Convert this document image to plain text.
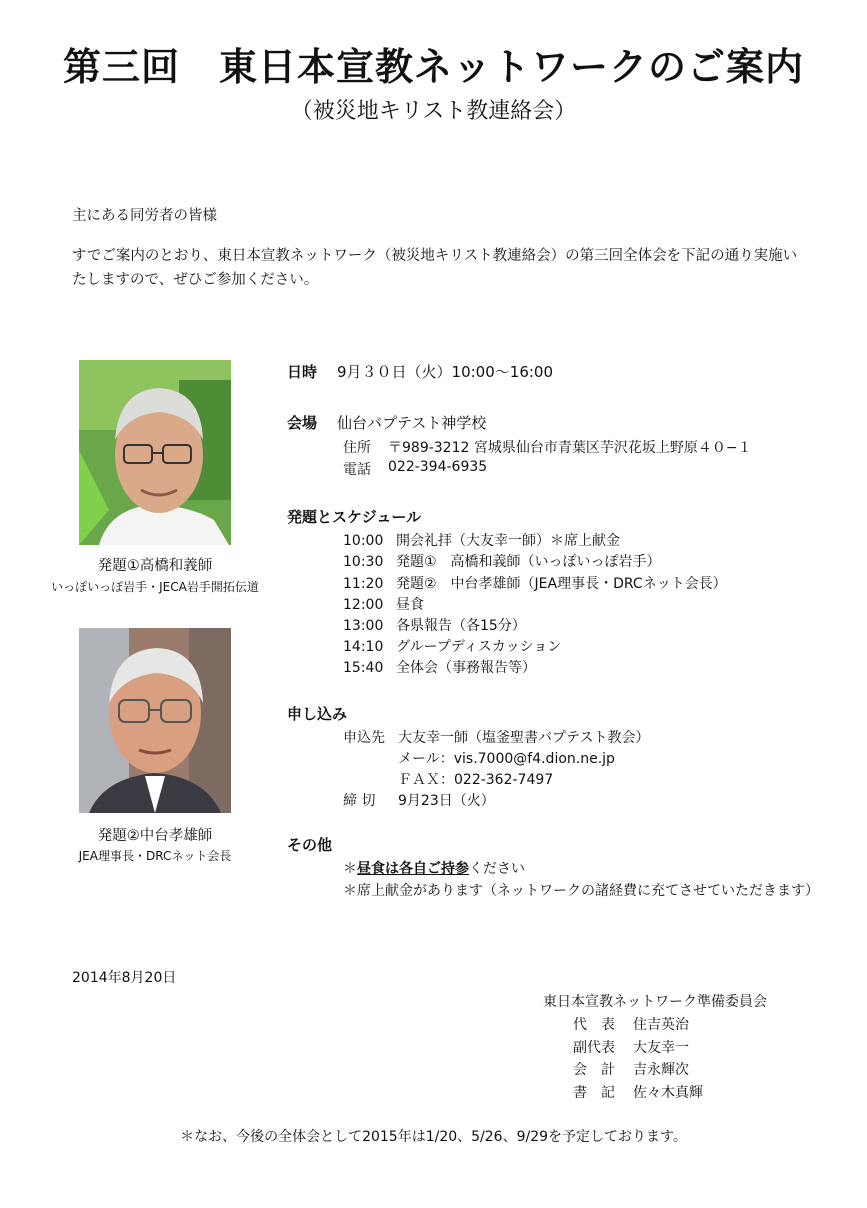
第三回　東日本宣教ネットワークのご案内
（被災地キリスト教連絡会）
主にある同労者の皆様
すでご案内のとおり、東日本宣教ネットワーク（被災地キリスト教連絡会）の第三回全体会を下記の通り実施いたしますので、ぜひご参加ください。
発題①高橋和義師
いっぽいっぽ岩手・JECA岩手開拓伝道
発題②中台孝雄師
JEA理事長・DRCネット会長
日時 9月３０日（火）10:00〜16:00
会場 仙台バプテスト神学校
住所 〒989-3212 宮城県仙台市青葉区芋沢花坂上野原４０−１
電話 022-394-6935
発題とスケジュール
10:00 開会礼拝（大友幸一師）＊席上献金
10:30 発題①　高橋和義師（いっぽいっぽ岩手）
11:20 発題②　中台孝雄師（JEA理事長・DRCネット会長）
12:00 昼食
13:00 各県報告（各15分）
14:10 グループディスカッション
15:40 全体会（事務報告等）
申し込み
申込先 大友幸一師（塩釜聖書バプテスト教会）
メール：vis.7000@f4.dion.ne.jp
ＦＡＸ：022-362-7497
締 切 9月23日（火）
その他
＊昼食は各自ご持参ください
＊席上献金があります（ネットワークの諸経費に充てさせていただきます）
2014年8月20日
東日本宣教ネットワーク準備委員会
代　表 住吉英治
副代表 大友幸一
会　計 吉永輝次
書　記 佐々木真輝
＊なお、今後の全体会として2015年は1/20、5/26、9/29を予定しております。
